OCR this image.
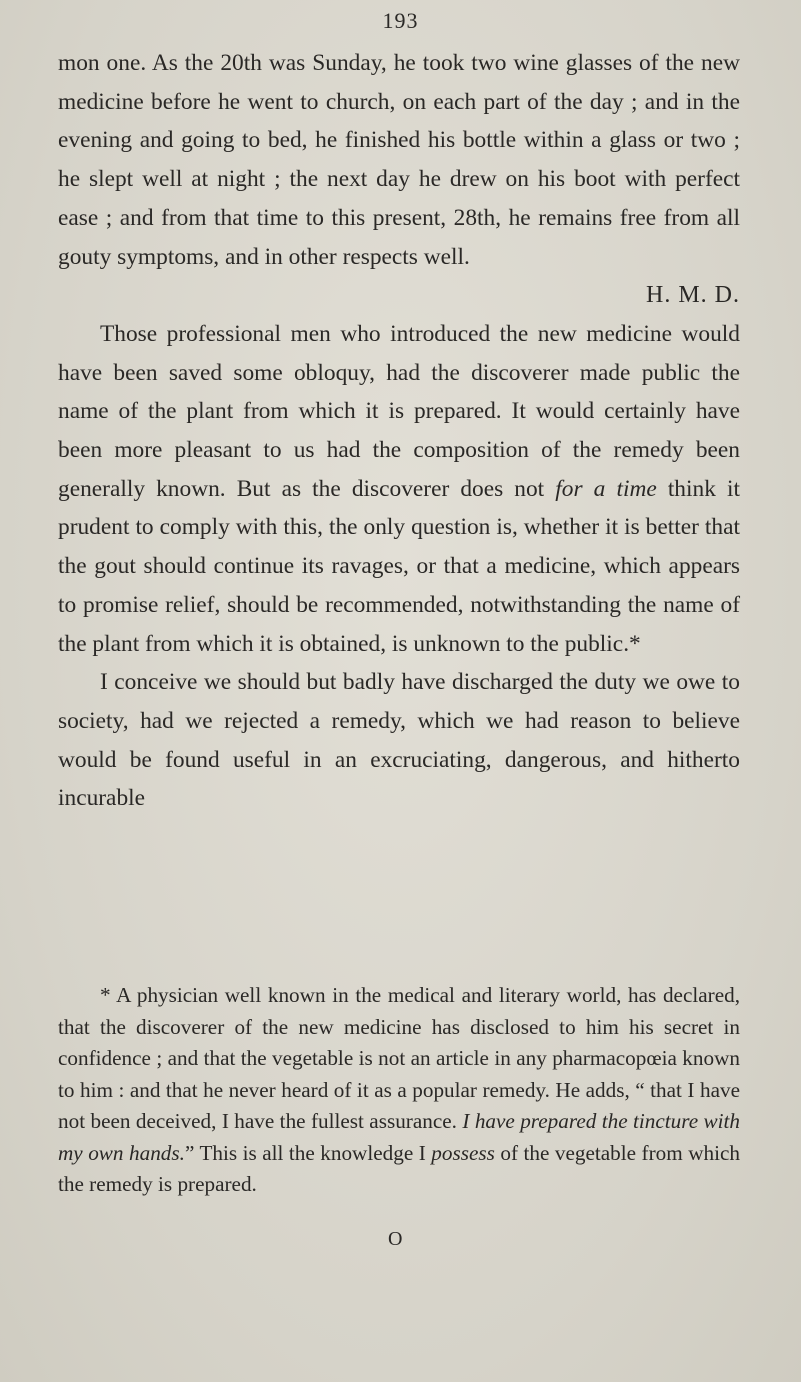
193

mon one. As the 20th was Sunday, he took two wine glasses of the new medicine before he went to church, on each part of the day ; and in the evening and going to bed, he finished his bottle within a glass or two ; he slept well at night ; the next day he drew on his boot with perfect ease ; and from that time to this present, 28th, he remains free from all gouty symptoms, and in other respects well.

H. M. D.

Those professional men who introduced the new medicine would have been saved some obloquy, had the discoverer made public the name of the plant from which it is prepared. It would certainly have been more pleasant to us had the composition of the remedy been generally known. But as the discoverer does not for a time think it prudent to comply with this, the only question is, whether it is better that the gout should continue its ravages, or that a medicine, which appears to promise relief, should be recommended, notwithstanding the name of the plant from which it is obtained, is unknown to the public.*

I conceive we should but badly have discharged the duty we owe to society, had we rejected a remedy, which we had reason to believe would be found useful in an excruciating, dangerous, and hitherto incurable

* A physician well known in the medical and literary world, has declared, that the discoverer of the new medicine has disclosed to him his secret in confidence ; and that the vegetable is not an article in any pharmacopœia known to him : and that he never heard of it as a popular remedy. He adds, “ that I have not been deceived, I have the fullest assurance. I have prepared the tincture with my own hands.” This is all the knowledge I possess of the vegetable from which the remedy is prepared.

O
